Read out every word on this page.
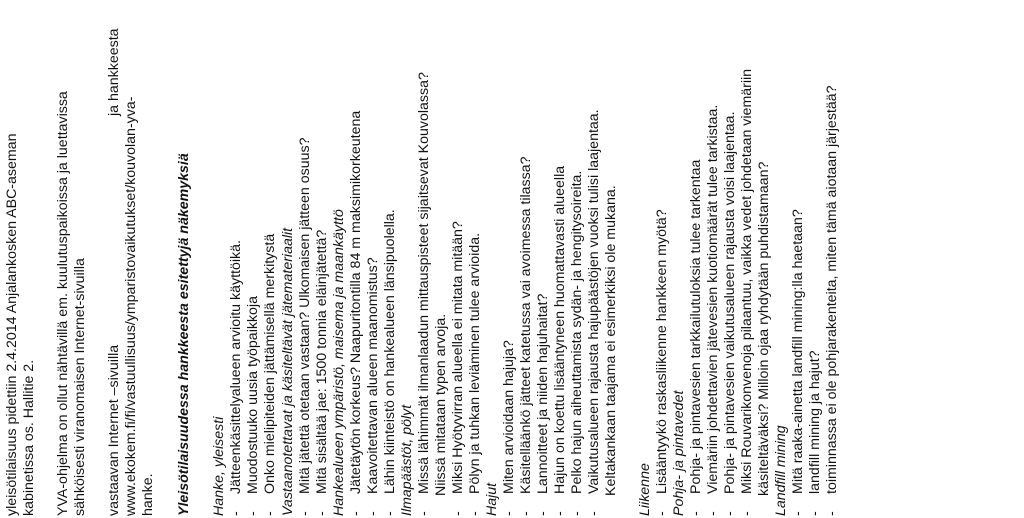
yleisötilaisuus pidettiin 2.4.2014 Anjalankosken ABC-aseman kabinetissa os. Hallitie 2. YVA-ohjelma on ollut nähtävillä em. kuulutuspaikoissa ja luettavissa sähköisesti viranomaisen Internet-sivuilla vastaavan Internet –sivuilla
ja hankkeesta
www.ekokem.fi/fi/vastuullisuus/ymparistovaikutukset/kouvolan-yva- hanke. Yleisötilaisuudessa hankkeesta esitettyjä näkemyksiä Hanke, yleisesti -
Jätteenkäsittelyalueen arvioitu käyttöikä.
-
Muodostuuko uusia työpaikkoja
-
Onko mielipiteiden jättämisellä merkitystä Vastaanotettavat ja käsiteltävät jätemateriaalit -
Mitä jätettä otetaan vastaan? Ulkomaisen jätteen osuus?
-
Mitä sisältää jae: 1500 tonnia eläinjätettä? Hankealueen ympäristö, maisema ja maankäyttö -
Jätetäytön korkeus? Naapuritontilla 84 m maksimikorkeutena
-
Kaavoitettavan alueen maanomistus?
-
Lähin kiinteistö on hankealueen länsipuolella. Ilmapäästöt, pölyt -
Missä lähimmät ilmanlaadun mittauspisteet sijaitsevat Kouvolassa? Niissä mitataan typen arvoja.
-
Miksi Hyötyvirran alueella ei mitata mitään?
-
Pölyn ja tuhkan leviäminen tulee arvioida.
Hajut -
Miten arvioidaan hajuja?
-
Käsitelläänkö jätteet katetussa vai avoimessa tilassa?
-
Lannoitteet ja niiden hajuhaitat?
-
Hajun on koettu lisääntyneen huomattavasti alueella
-
Pelko hajun aiheuttamista sydän- ja hengitysoireita.
-
Vaikutusalueen rajausta hajupäästöjen vuoksi tulisi laajentaa. Keltakankaan taajama ei esimerkiksi ole mukana. Liikenne -
Lisääntyykö raskasliikenne hankkeen myötä? Pohja- ja pintavedet -
Pohja- ja pintavesien tarkkailutuloksia tulee tarkentaa
-
Viemäriin johdettavien jätevesien kuotiomäärät tulee tarkistaa.
-
Pohja- ja pintavesien vaikutusalueen rajausta voisi laajentaa.
-
Miksi Rouvarikonvenoja pilaantuu, vaikka vedet johdetaan viemäriin käsiteltäväksi? Milloin ojaa ryhdytään puhdistamaan? Landfill mining -
Mitä raaka-ainetta landfill mining:lla haetaan?
-
landfill mining ja hajut?
-
toiminnassa ei ole pohjarakenteita, miten tämä aiotaan järjestää?
